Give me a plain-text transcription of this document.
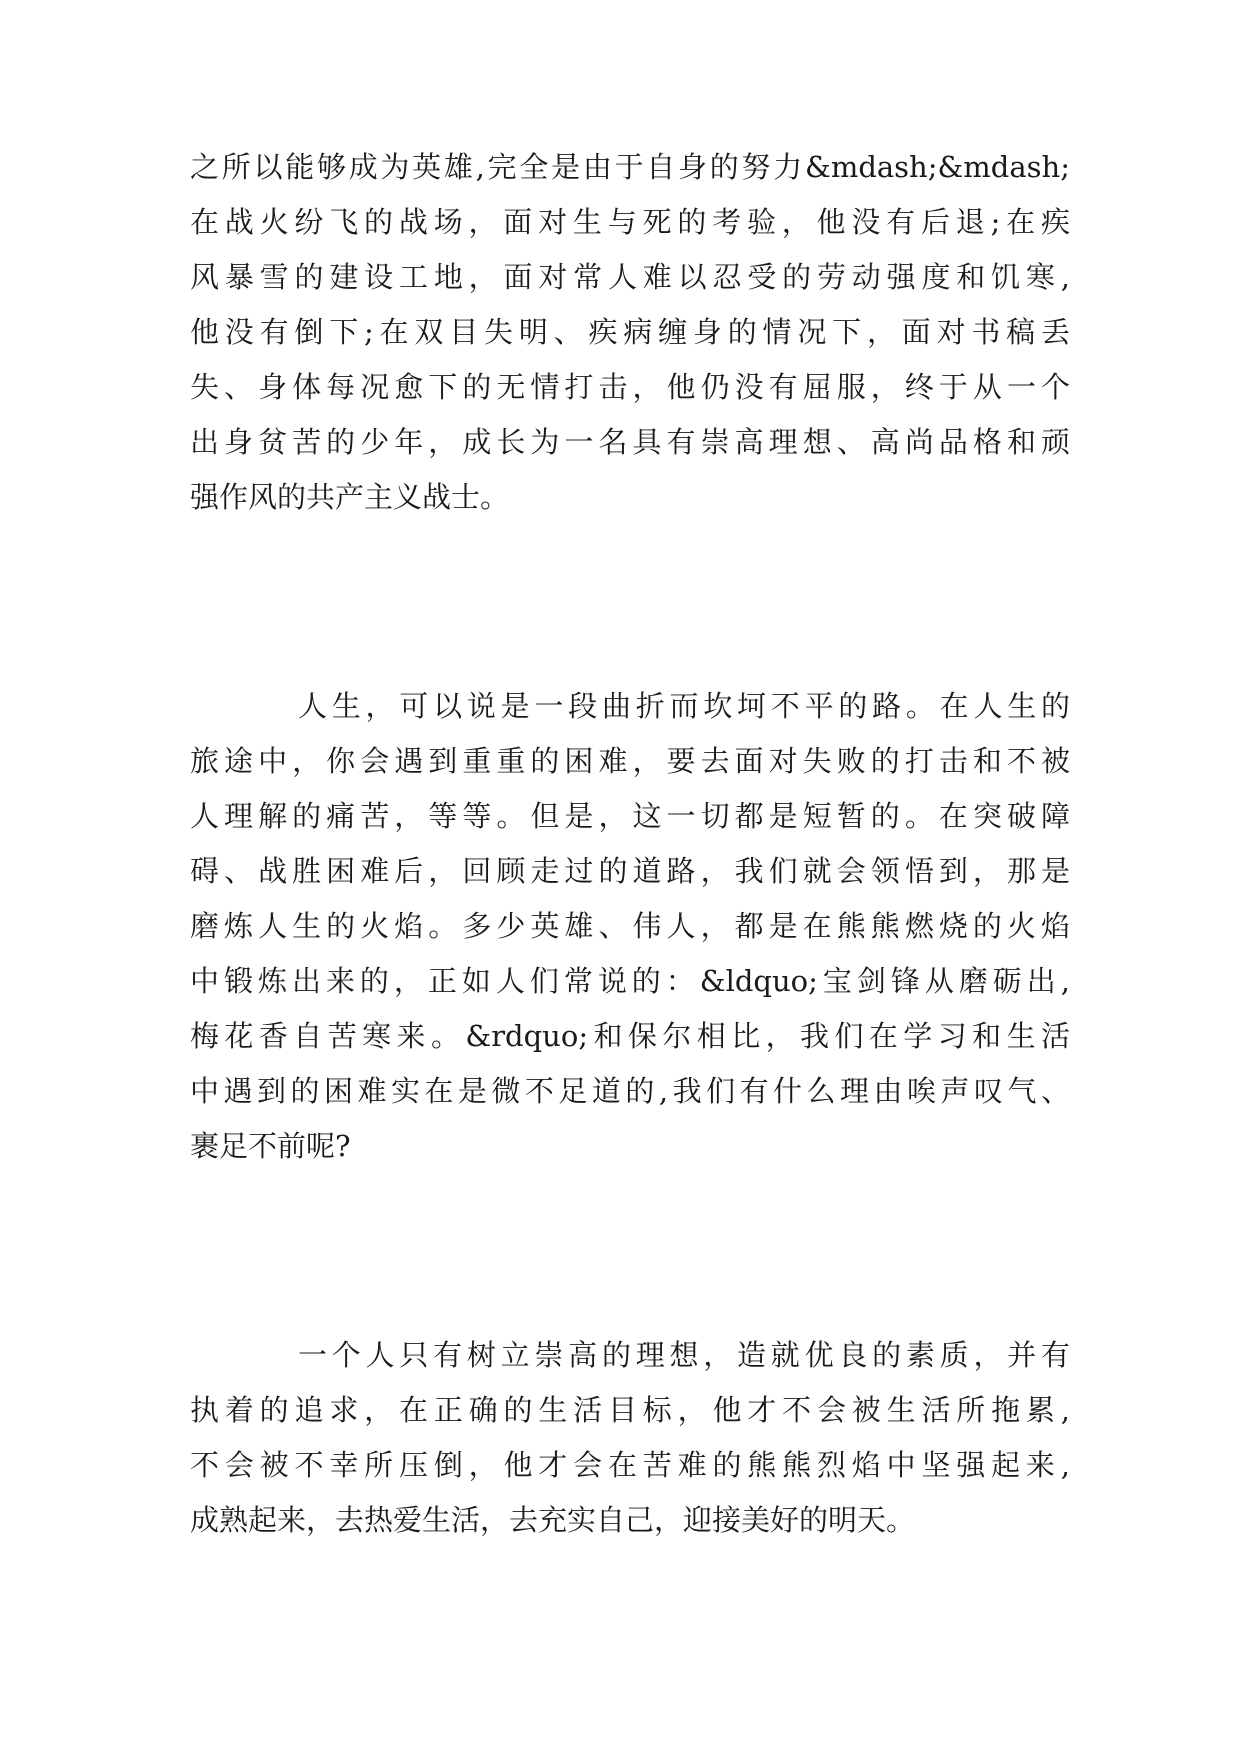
之所以能够成为英雄,完全是由于自身的努力&mdash;&mdash;

在战火纷飞的战场，面对生与死的考验，他没有后退;在疾

风暴雪的建设工地，面对常人难以忍受的劳动强度和饥寒,

他没有倒下;在双目失明、疾病缠身的情况下，面对书稿丢

失、身体每况愈下的无情打击，他仍没有屈服，终于从一个

出身贫苦的少年，成长为一名具有崇高理想、高尚品格和顽

强作风的共产主义战士。

人生，可以说是一段曲折而坎坷不平的路。在人生的

旅途中，你会遇到重重的困难，要去面对失败的打击和不被

人理解的痛苦，等等。但是，这一切都是短暂的。在突破障

碍、战胜困难后，回顾走过的道路，我们就会领悟到，那是

磨炼人生的火焰。多少英雄、伟人，都是在熊熊燃烧的火焰

中锻炼出来的，正如人们常说的：&ldquo;宝剑锋从磨砺出,

梅花香自苦寒来。&rdquo;和保尔相比，我们在学习和生活

中遇到的困难实在是微不足道的,我们有什么理由唉声叹气、

裹足不前呢?

一个人只有树立崇高的理想，造就优良的素质，并有

执着的追求，在正确的生活目标，他才不会被生活所拖累,

不会被不幸所压倒，他才会在苦难的熊熊烈焰中坚强起来,

成熟起来，去热爱生活，去充实自己，迎接美好的明天。
